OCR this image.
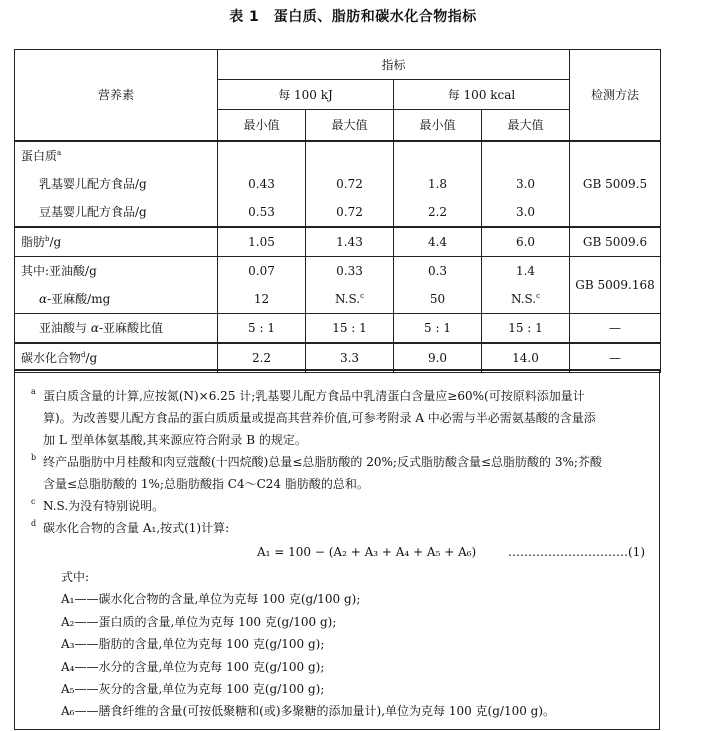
表 1　蛋白质、脂肪和碳水化合物指标
营养素	指标				检测方法
	每 100 kJ		每 100 kcal		
	最小值	最大值	最小值	最大值	
蛋白质$^a$					
乳基婴儿配方食品/g	0.43	0.72	1.8	3.0	GB 5009.5
豆基婴儿配方食品/g	0.53	0.72	2.2	3.0	
脂肪$^b$/g	1.05	1.43	4.4	6.0	GB 5009.6
其中:亚油酸/g	0.07	0.33	0.3	1.4	GB 5009.168
α-亚麻酸/mg	12	N.S.$^c$	50	N.S.$^c$
亚油酸与 α-亚麻酸比值	5 : 1	15 : 1	5 : 1	15 : 1	—
碳水化合物$^d$/g	2.2	3.3	9.0	14.0	—
a 蛋白质含量的计算,应按氮(N)×6.25 计;乳基婴儿配方食品中乳清蛋白含量应≥60%(可按原料添加量计
算)。为改善婴儿配方食品的蛋白质质量或提高其营养价值,可参考附录 A 中必需与半必需氨基酸的含量添
加 L 型单体氨基酸,其来源应符合附录 B 的规定。
b 终产品脂肪中月桂酸和肉豆蔻酸(十四烷酸)总量≤总脂肪酸的 20%;反式脂肪酸含量≤总脂肪酸的 3%;芥酸
含量≤总脂肪酸的 1%;总脂肪酸指 C4～C24 脂肪酸的总和。
c N.S.为没有特别说明。
d 碳水化合物的含量 A₁,按式(1)计算:
A₁ = 100 − (A₂ + A₃ + A₄ + A₅ + A₆)	…………………………(1)
式中:
A₁——碳水化合物的含量,单位为克每 100 克(g/100 g);
A₂——蛋白质的含量,单位为克每 100 克(g/100 g);
A₃——脂肪的含量,单位为克每 100 克(g/100 g);
A₄——水分的含量,单位为克每 100 克(g/100 g);
A₅——灰分的含量,单位为克每 100 克(g/100 g);
A₆——膳食纤维的含量(可按低聚糖和(或)多聚糖的添加量计),单位为克每 100 克(g/100 g)。
